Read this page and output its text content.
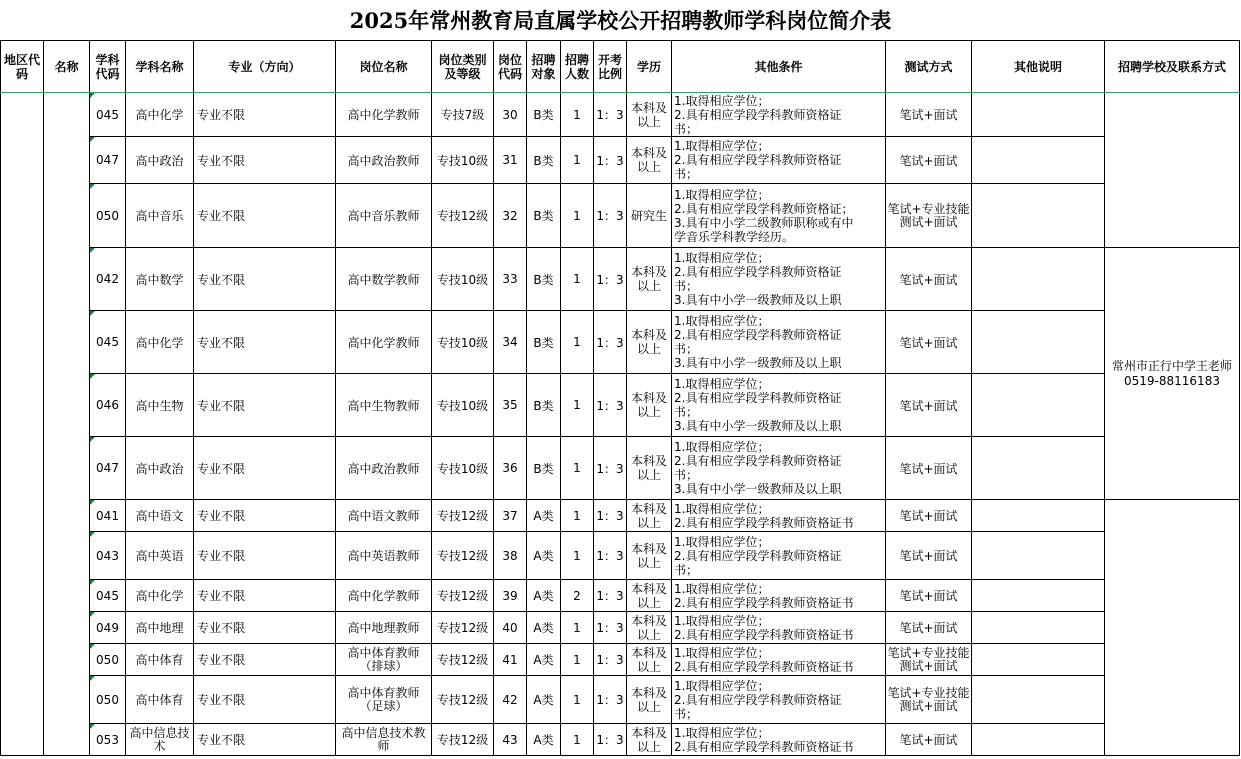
2025年常州教育局直属学校公开招聘教师学科岗位简介表
地区代码	名称	学科代码	学科名称	专业（方向）	岗位名称	岗位类别及等级	岗位代码	招聘对象	招聘人数	开考比例	学历	其他条件	测试方式	其他说明	招聘学校及联系方式
		045	高中化学	专业不限	高中化学教师	专技7级	30	B类	1	1：3	本科及以上	1.取得相应学位；
2.具有相应学段学科教师资格证
书；	笔试+面试		
		047	高中政治	专业不限	高中政治教师	专技10级	31	B类	1	1：3	本科及以上	1.取得相应学位；
2.具有相应学段学科教师资格证
书；	笔试+面试		
		050	高中音乐	专业不限	高中音乐教师	专技12级	32	B类	1	1：3	研究生	1.取得相应学位；
2.具有相应学段学科教师资格证；
3.具有中小学二级教师职称或有中
学音乐学科教学经历。	笔试+专业技能测试+面试		
		042	高中数学	专业不限	高中数学教师	专技10级	33	B类	1	1：3	本科及以上	1.取得相应学位；
2.具有相应学段学科教师资格证
书；
3.具有中小学一级教师及以上职	笔试+面试		常州市正行中学王老师0519-88116183
		045	高中化学	专业不限	高中化学教师	专技10级	34	B类	1	1：3	本科及以上	1.取得相应学位；
2.具有相应学段学科教师资格证
书；
3.具有中小学一级教师及以上职	笔试+面试		
		046	高中生物	专业不限	高中生物教师	专技10级	35	B类	1	1：3	本科及以上	1.取得相应学位；
2.具有相应学段学科教师资格证
书；
3.具有中小学一级教师及以上职	笔试+面试		
		047	高中政治	专业不限	高中政治教师	专技10级	36	B类	1	1：3	本科及以上	1.取得相应学位；
2.具有相应学段学科教师资格证
书；
3.具有中小学一级教师及以上职	笔试+面试		
		041	高中语文	专业不限	高中语文教师	专技12级	37	A类	1	1：3	本科及以上	1.取得相应学位；
2.具有相应学段学科教师资格证书	笔试+面试		
		043	高中英语	专业不限	高中英语教师	专技12级	38	A类	1	1：3	本科及以上	1.取得相应学位；
2.具有相应学段学科教师资格证
书；	笔试+面试		
		045	高中化学	专业不限	高中化学教师	专技12级	39	A类	2	1：3	本科及以上	1.取得相应学位；
2.具有相应学段学科教师资格证书	笔试+面试		
		049	高中地理	专业不限	高中地理教师	专技12级	40	A类	1	1：3	本科及以上	1.取得相应学位；
2.具有相应学段学科教师资格证书	笔试+面试		
		050	高中体育	专业不限	高中体育教师（排球）	专技12级	41	A类	1	1：3	本科及以上	1.取得相应学位；
2.具有相应学段学科教师资格证书	笔试+专业技能测试+面试		
		050	高中体育	专业不限	高中体育教师（足球）	专技12级	42	A类	1	1：3	本科及以上	1.取得相应学位；
2.具有相应学段学科教师资格证
书；	笔试+专业技能测试+面试		
		053	高中信息技术	专业不限	高中信息技术教师	专技12级	43	A类	1	1：3	本科及以上	1.取得相应学位；
2.具有相应学段学科教师资格证书	笔试+面试		
